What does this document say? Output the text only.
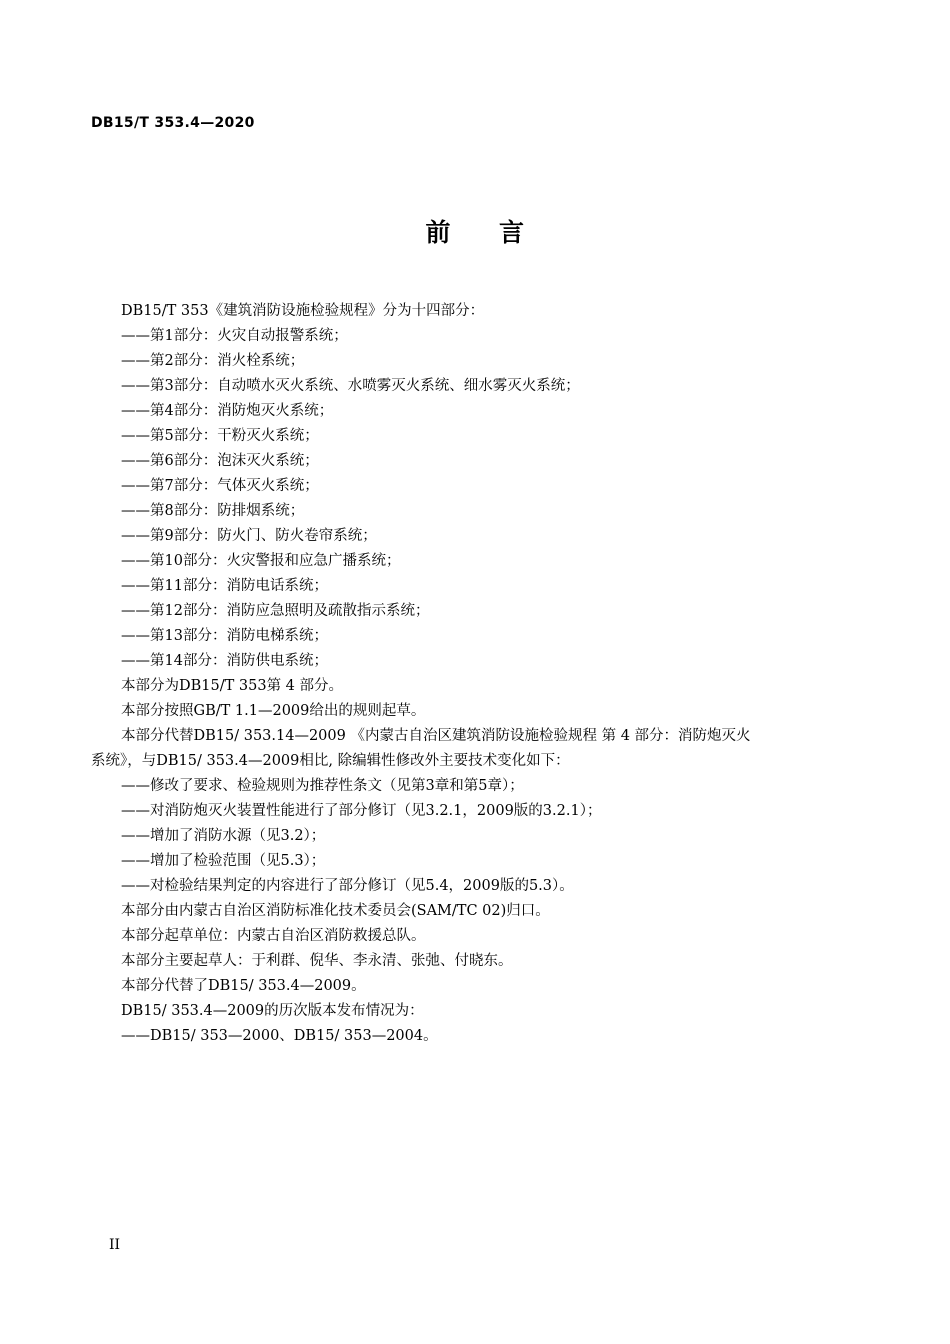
DB15/T 353.4—2020
前 言
DB15/T 353《建筑消防设施检验规程》分为十四部分：
——第1部分：火灾自动报警系统；
——第2部分：消火栓系统；
——第3部分：自动喷水灭火系统、水喷雾灭火系统、细水雾灭火系统；
——第4部分：消防炮灭火系统；
——第5部分：干粉灭火系统；
——第6部分：泡沫灭火系统；
——第7部分：气体灭火系统；
——第8部分：防排烟系统；
——第9部分：防火门、防火卷帘系统；
——第10部分：火灾警报和应急广播系统；
——第11部分：消防电话系统；
——第12部分：消防应急照明及疏散指示系统；
——第13部分：消防电梯系统；
——第14部分：消防供电系统；
本部分为DB15/T 353第 4 部分。
本部分按照GB/T 1.1—2009给出的规则起草。
本部分代替DB15/ 353.14—2009 《内蒙古自治区建筑消防设施检验规程 第 4 部分：消防炮灭火
系统》，与DB15/ 353.4—2009相比, 除编辑性修改外主要技术变化如下：
——修改了要求、检验规则为推荐性条文（见第3章和第5章）；
——对消防炮灭火装置性能进行了部分修订（见3.2.1，2009版的3.2.1）；
——增加了消防水源（见3.2）；
——增加了检验范围（见5.3）；
——对检验结果判定的内容进行了部分修订（见5.4，2009版的5.3）。
本部分由内蒙古自治区消防标准化技术委员会(SAM/TC 02)归口。
本部分起草单位：内蒙古自治区消防救援总队。
本部分主要起草人：于利群、倪华、李永清、张弛、付晓东。
本部分代替了DB15/ 353.4—2009。
DB15/ 353.4—2009的历次版本发布情况为：
——DB15/ 353—2000、DB15/ 353—2004。
II
